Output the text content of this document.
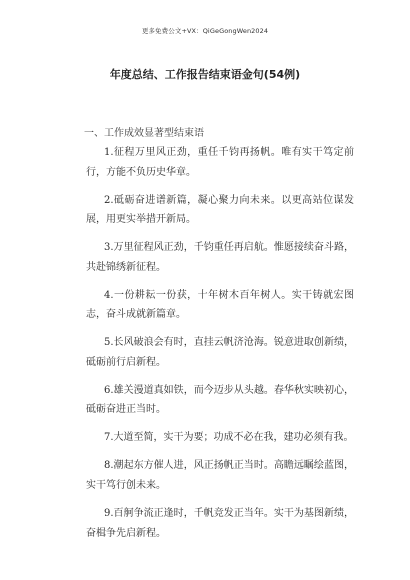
更多免费公文+VX：QiGeGongWen2024
年度总结、工作报告结束语金句(54例)
一、工作成效显著型结束语

1.征程万里风正劲，重任千钧再扬帆。唯有实干笃定前行，方能不负历史华章。

2.砥砺奋进谱新篇，凝心聚力向未来。以更高站位谋发展，用更实举措开新局。

3.万里征程风正劲，千钧重任再启航。惟愿接续奋斗路，共赴锦绣新征程。

4.一份耕耘一份获，十年树木百年树人。实干铸就宏图志，奋斗成就新篇章。

5.长风破浪会有时，直挂云帆济沧海。锐意进取创新绩，砥砺前行启新程。

6.雄关漫道真如铁，而今迈步从头越。春华秋实映初心，砥砺奋进正当时。

7.大道至简，实干为要；功成不必在我，建功必须有我。

8.潮起东方催人进，风正扬帆正当时。高瞻远瞩绘蓝图，实干笃行创未来。

9.百舸争流正逢时，千帆竞发正当年。实干为基图新绩，奋楫争先启新程。
